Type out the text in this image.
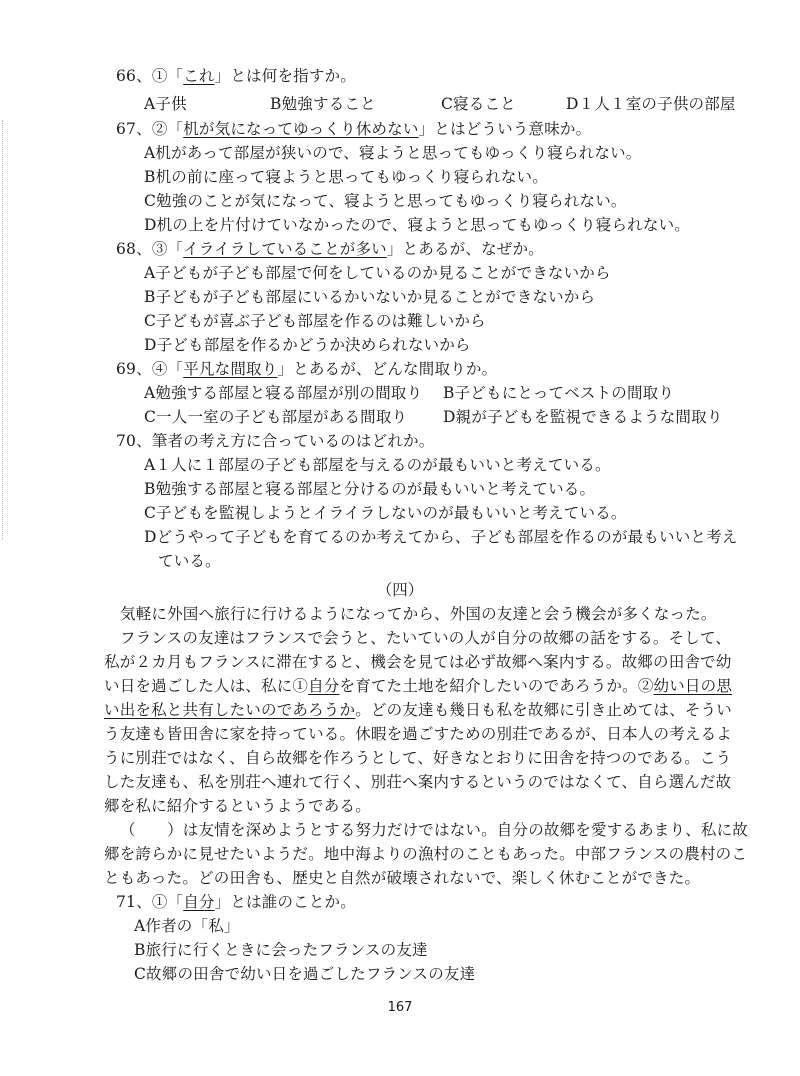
66、①「これ」とは何を指すか。
A子供	B勉強すること	C寝ること	D１人１室の子供の部屋
67、②「机が気になってゆっくり休めない」とはどういう意味か。
A机があって部屋が狭いので、寝ようと思ってもゆっくり寝られない。
B机の前に座って寝ようと思ってもゆっくり寝られない。
C勉強のことが気になって、寝ようと思ってもゆっくり寝られない。
D机の上を片付けていなかったので、寝ようと思ってもゆっくり寝られない。
68、③「イライラしていることが多い」とあるが、なぜか。
A子どもが子ども部屋で何をしているのか見ることができないから
B子どもが子ども部屋にいるかいないか見ることができないから
C子どもが喜ぶ子ども部屋を作るのは難しいから
D子ども部屋を作るかどうか決められないから
69、④「平凡な間取り」とあるが、どんな間取りか。
A勉強する部屋と寝る部屋が別の間取り B子どもにとってベストの間取り
C一人一室の子ども部屋がある間取り D親が子どもを監視できるような間取り
70、筆者の考え方に合っているのはどれか。
A１人に１部屋の子ども部屋を与えるのが最もいいと考えている。
B勉強する部屋と寝る部屋と分けるのが最もいいと考えている。
C子どもを監視しようとイライラしないのが最もいいと考えている。
Dどうやって子どもを育てるのか考えてから、子ども部屋を作るのが最もいいと考え
ている。
（四）
気軽に外国へ旅行に行けるようになってから、外国の友達と会う機会が多くなった。
フランスの友達はフランスで会うと、たいていの人が自分の故郷の話をする。そして、
私が２カ月もフランスに滞在すると、機会を見ては必ず故郷へ案内する。故郷の田舎で幼
い日を過ごした人は、私に①自分を育てた土地を紹介したいのであろうか。②幼い日の思
い出を私と共有したいのであろうか。どの友達も幾日も私を故郷に引き止めては、そうい
う友達も皆田舎に家を持っている。休暇を過ごすための別荘であるが、日本人の考えるよ
うに別荘ではなく、自ら故郷を作ろうとして、好きなとおりに田舎を持つのである。こう
した友達も、私を別荘へ連れて行く、別荘へ案内するというのではなくて、自ら選んだ故
郷を私に紹介するというようである。
（　　）は友情を深めようとする努力だけではない。自分の故郷を愛するあまり、私に故
郷を誇らかに見せたいようだ。地中海よりの漁村のこともあった。中部フランスの農村のこ
ともあった。どの田舎も、歴史と自然が破壊されないで、楽しく休むことができた。
71、①「自分」とは誰のことか。
A作者の「私」
B旅行に行くときに会ったフランスの友達
C故郷の田舎で幼い日を過ごしたフランスの友達
167
